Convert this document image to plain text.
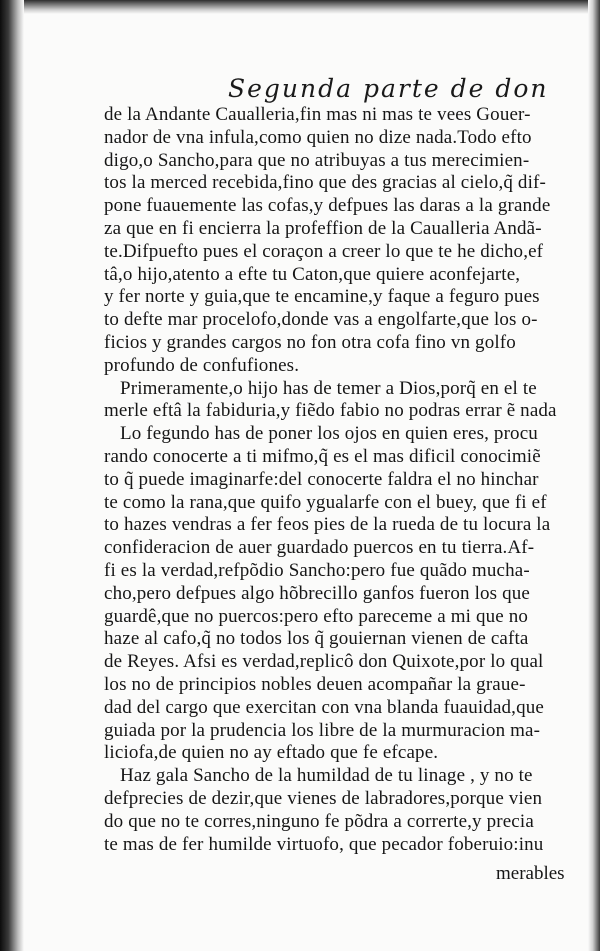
Segunda parte de don
de la Andante Caualleria,fin mas ni mas te vees Gouer-
nador de vna infula,como quien no dize nada.Todo efto
digo,o Sancho,para que no atribuyas a tus merecimien-
tos la merced recebida,fino que des gracias al cielo,q̃ dif-
pone fuauemente las cofas,y defpues las daras a la grande
za que en fi encierra la profeffion de la Caualleria Andã-
te.Difpuefto pues el coraçon a creer lo que te he dicho,ef
tâ,o hijo,atento a efte tu Caton,que quiere aconfejarte,
y fer norte y guia,que te encamine,y faque a feguro pues
to defte mar procelofo,donde vas a engolfarte,que los o-
ficios y grandes cargos no fon otra cofa fino vn golfo
profundo de confufiones.
Primeramente,o hijo has de temer a Dios,porq̃ en el te
merle eftâ la fabiduria,y fiẽdo fabio no podras errar ẽ nada
Lo fegundo has de poner los ojos en quien eres, procu
rando conocerte a ti mifmo,q̃ es el mas dificil conocimiẽ
to q̃ puede imaginarfe:del conocerte faldra el no hinchar
te como la rana,que quifo ygualarfe con el buey, que fi ef
to hazes vendras a fer feos pies de la rueda de tu locura la
confideracion de auer guardado puercos en tu tierra.Af-
fi es la verdad,refpõdio Sancho:pero fue quãdo mucha-
cho,pero defpues algo hõbrecillo ganfos fueron los que
guardê,que no puercos:pero efto pareceme a mi que no
haze al cafo,q̃ no todos los q̃ gouiernan vienen de cafta
de Reyes. Afsi es verdad,replicô don Quixote,por lo qual
los no de principios nobles deuen acompañar la graue-
dad del cargo que exercitan con vna blanda fuauidad,que
guiada por la prudencia los libre de la murmuracion ma-
liciofa,de quien no ay eftado que fe efcape.
Haz gala Sancho de la humildad de tu linage , y no te
defprecies de dezir,que vienes de labradores,porque vien
do que no te corres,ninguno fe põdra a correrte,y precia
te mas de fer humilde virtuofo, que pecador foberuio:inu
merables
